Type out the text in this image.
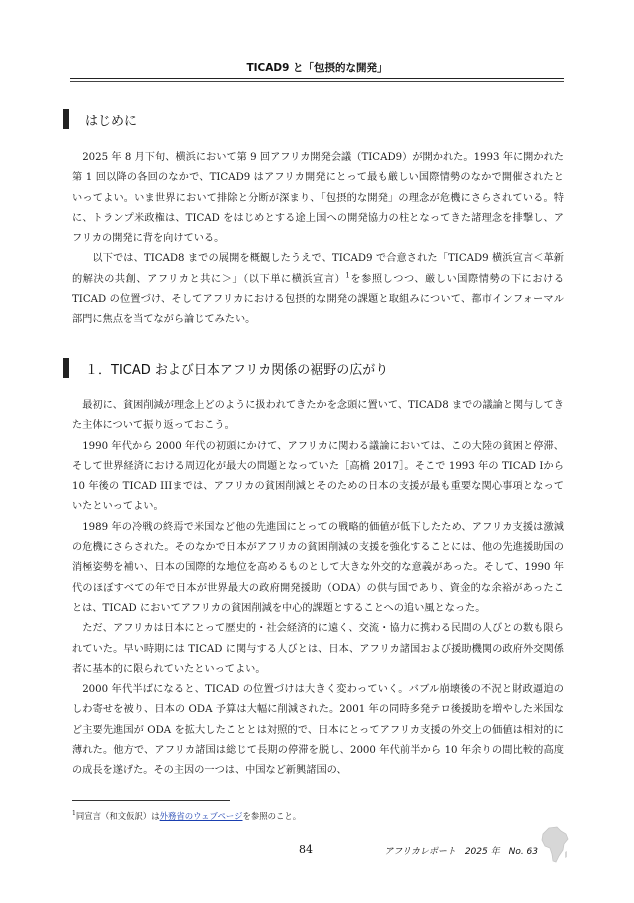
TICAD9 と「包摂的な開発」
はじめに

2025 年 8 月下旬、横浜において第 9 回アフリカ開発会議（TICAD9）が開かれた。1993 年に開かれた第 1 回以降の各回のなかで、TICAD9 はアフリカ開発にとって最も厳しい国際情勢のなかで開催されたといってよい。いま世界において排除と分断が深まり、「包摂的な開発」の理念が危機にさらされている。特に、トランプ米政権は、TICAD をはじめとする途上国への開発協力の柱となってきた諸理念を排撃し、アフリカの開発に背を向けている。

以下では、TICAD8 までの展開を概観したうえで、TICAD9 で合意された「TICAD9 横浜宣言＜革新的解決の共創、アフリカと共に＞」（以下単に横浜宣言）$^1$を参照しつつ、厳しい国際情勢の下における TICAD の位置づけ、そしてアフリカにおける包摂的な開発の課題と取組みについて、都市インフォーマル部門に焦点を当てながら論じてみたい。

１．TICAD および日本アフリカ関係の裾野の広がり

最初に、貧困削減が理念上どのように扱われてきたかを念頭に置いて、TICAD8 までの議論と関与してきた主体について振り返っておこう。

1990 年代から 2000 年代の初頭にかけて、アフリカに関わる議論においては、この大陸の貧困と停滞、そして世界経済における周辺化が最大の問題となっていた［高橋 2017］。そこで 1993 年の TICAD Iから 10 年後の TICAD IIIまでは、アフリカの貧困削減とそのための日本の支援が最も重要な関心事項となっていたといってよい。

1989 年の冷戦の終焉で米国など他の先進国にとっての戦略的価値が低下したため、アフリカ支援は激減の危機にさらされた。そのなかで日本がアフリカの貧困削減の支援を強化することには、他の先進援助国の消極姿勢を補い、日本の国際的な地位を高めるものとして大きな外交的な意義があった。そして、1990 年代のほぼすべての年で日本が世界最大の政府開発援助（ODA）の供与国であり、資金的な余裕があったことは、TICAD においてアフリカの貧困削減を中心的課題とすることへの追い風となった。

ただ、アフリカは日本にとって歴史的・社会経済的に遠く、交流・協力に携わる民間の人びとの数も限られていた。早い時期には TICAD に関与する人びとは、日本、アフリカ諸国および援助機関の政府外交関係者に基本的に限られていたといってよい。

2000 年代半ばになると、TICAD の位置づけは大きく変わっていく。バブル崩壊後の不況と財政逼迫のしわ寄せを被り、日本の ODA 予算は大幅に削減された。2001 年の同時多発テロ後援助を増やした米国など主要先進国が ODA を拡大したこととは対照的で、日本にとってアフリカ支援の外交上の価値は相対的に薄れた。他方で、アフリカ諸国は総じて長期の停滞を脱し、2000 年代前半から 10 年余りの間比較的高度の成長を遂げた。その主因の一つは、中国など新興諸国の、

$^1$同宣言（和文仮訳）は外務省のウェブページを参照のこと。
84	アフリカレポート　2025 年　No. 63
